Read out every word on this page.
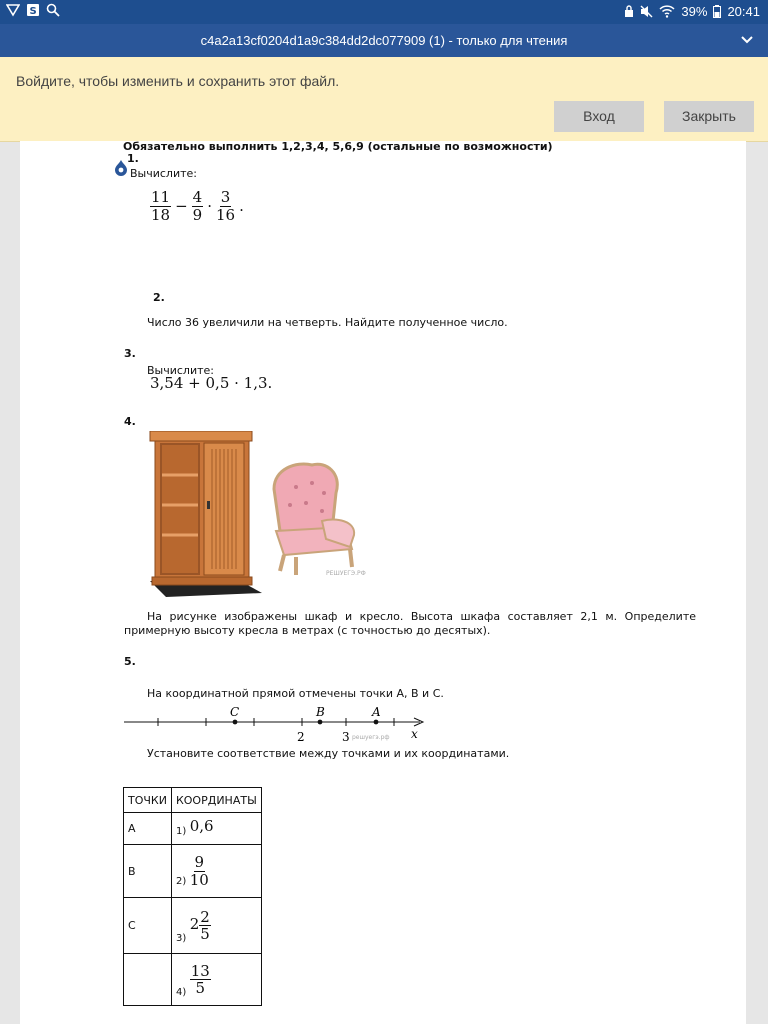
S	39% 20:41
c4a2a13cf0204d1a9c384dd2dc077909 (1) - только для чтения
Войдите, чтобы изменить и сохранить этот файл.
Вход	Закрыть
Обязательно выполнить 1,2,3,4, 5,6,9 (остальные по возможности)
1.
Вычислите:
$\frac{11}{18} - \frac{4}{9} \cdot \frac{3}{16}$ .
2.
Число 36 увеличили на четверть. Найдите полученное число.
3.
Вычислите:
3,54 + 0,5 · 1,3.
4.
РЕШУЕГЭ.РФ
На рисунке изображены шкаф и кресло. Высота шкафа составляет 2,1 м. Определите примерную высоту кресла в метрах (с точностью до десятых).
5.
На координатной прямой отмечены точки A, B и C.
C	B	A
2	3 решуегэ.рф x
Установите соответствие между точками и их координатами.
ТОЧКИ	КООРДИНАТЫ
A	1) 0,6
B	$2) \frac{9}{10}$

C	3) $2 \frac{2}{5}$

	$4) \frac{13}{5}$
